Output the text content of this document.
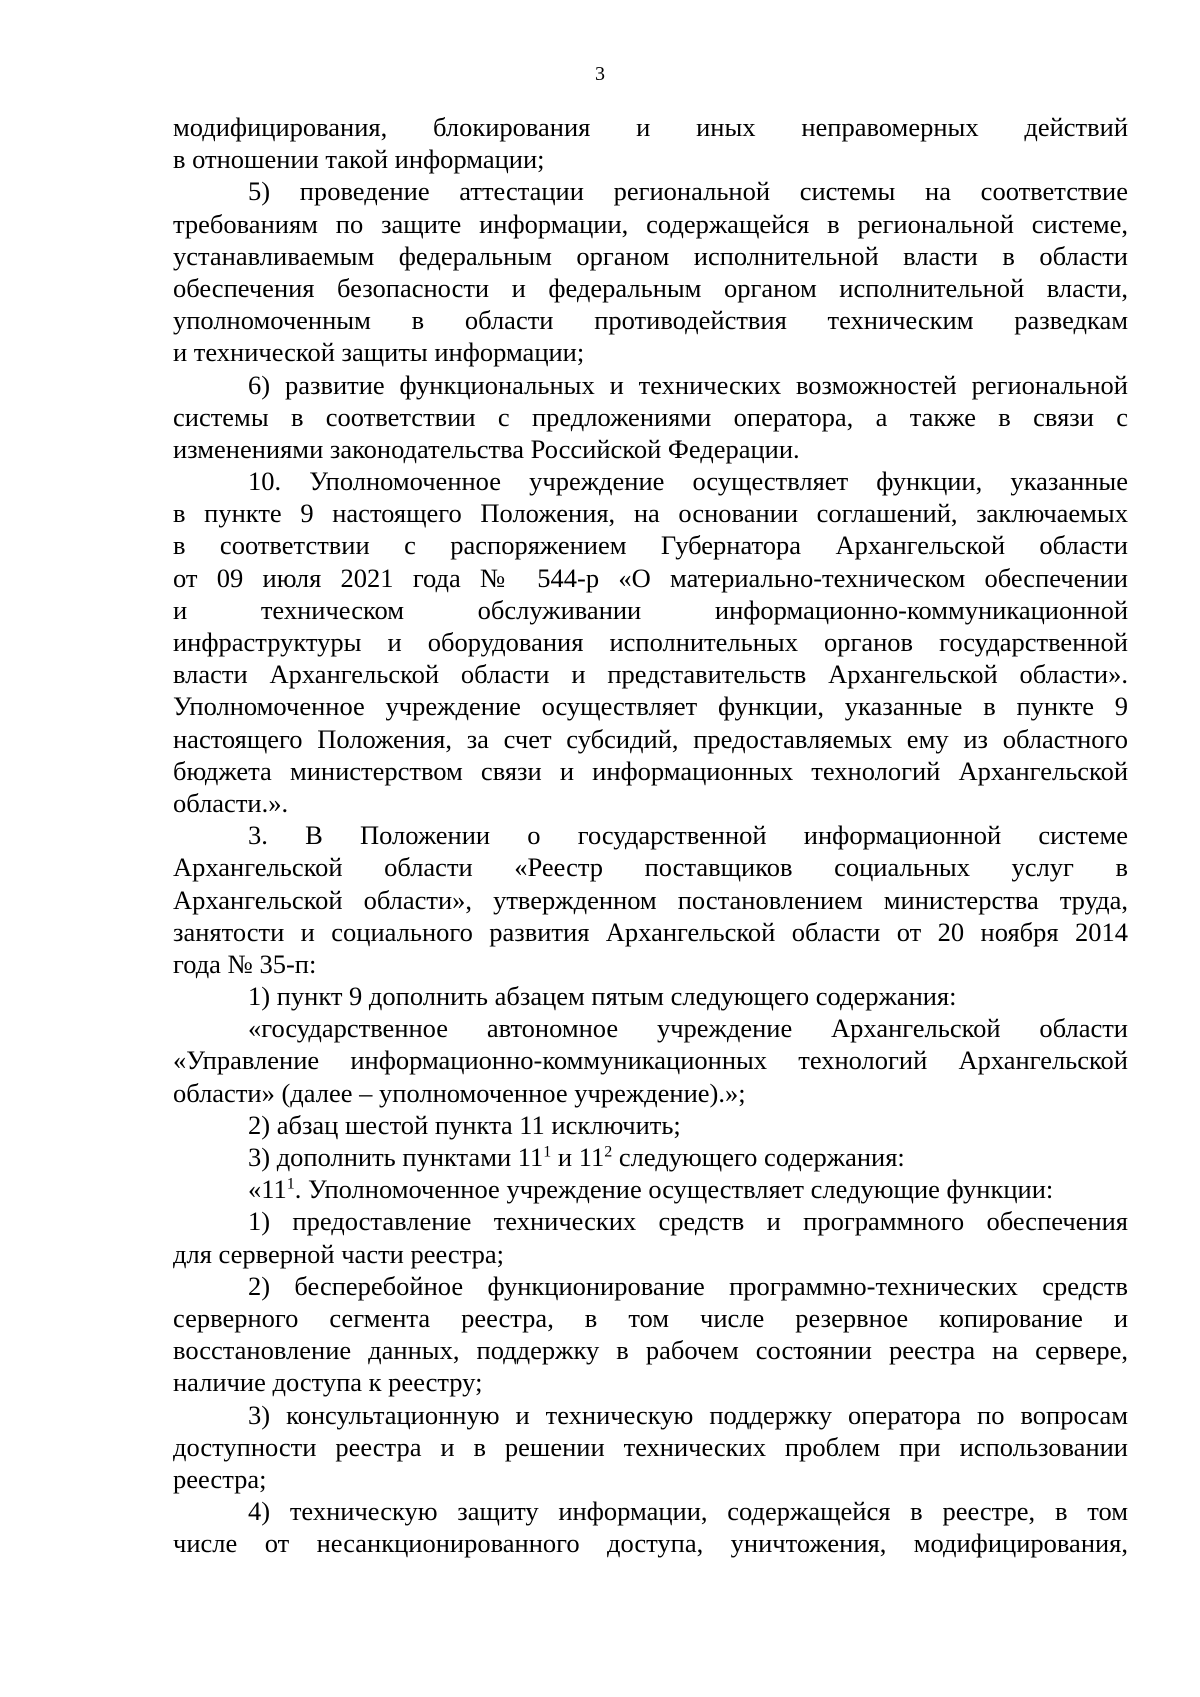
3
модифицирования, блокирования и иных неправомерных действий
в отношении такой информации;
5) проведение аттестации региональной системы на соответствие
требованиям по защите информации, содержащейся в региональной системе,
устанавливаемым федеральным органом исполнительной власти в области
обеспечения безопасности и федеральным органом исполнительной власти,
уполномоченным в области противодействия техническим разведкам
и технической защиты информации;
6) развитие функциональных и технических возможностей региональной
системы в соответствии с предложениями оператора, а также в связи с
изменениями законодательства Российской Федерации.
10. Уполномоченное учреждение осуществляет функции, указанные
в пункте 9 настоящего Положения, на основании соглашений, заключаемых
в соответствии с распоряжением Губернатора Архангельской области
от 09 июля 2021 года № 544-р «О материально-техническом обеспечении
и техническом обслуживании информационно-коммуникационной
инфраструктуры и оборудования исполнительных органов государственной
власти Архангельской области и представительств Архангельской области».
Уполномоченное учреждение осуществляет функции, указанные в пункте 9
настоящего Положения, за счет субсидий, предоставляемых ему из областного
бюджета министерством связи и информационных технологий Архангельской
области.».
3. В Положении о государственной информационной системе
Архангельской области «Реестр поставщиков социальных услуг в
Архангельской области», утвержденном постановлением министерства труда,
занятости и социального развития Архангельской области от 20 ноября 2014
года № 35-п:
1) пункт 9 дополнить абзацем пятым следующего содержания:
«государственное автономное учреждение Архангельской области
«Управление информационно-коммуникационных технологий Архангельской
области» (далее – уполномоченное учреждение).»;
2) абзац шестой пункта 11 исключить;
3) дополнить пунктами $11^1$ и $11^2$ следующего содержания:
«$11^1$. Уполномоченное учреждение осуществляет следующие функции:
1) предоставление технических средств и программного обеспечения
для серверной части реестра;
2) бесперебойное функционирование программно-технических средств
серверного сегмента реестра, в том числе резервное копирование и
восстановление данных, поддержку в рабочем состоянии реестра на сервере,
наличие доступа к реестру;
3) консультационную и техническую поддержку оператора по вопросам
доступности реестра и в решении технических проблем при использовании
реестра;
4) техническую защиту информации, содержащейся в реестре, в том
числе от несанкционированного доступа, уничтожения, модифицирования,
